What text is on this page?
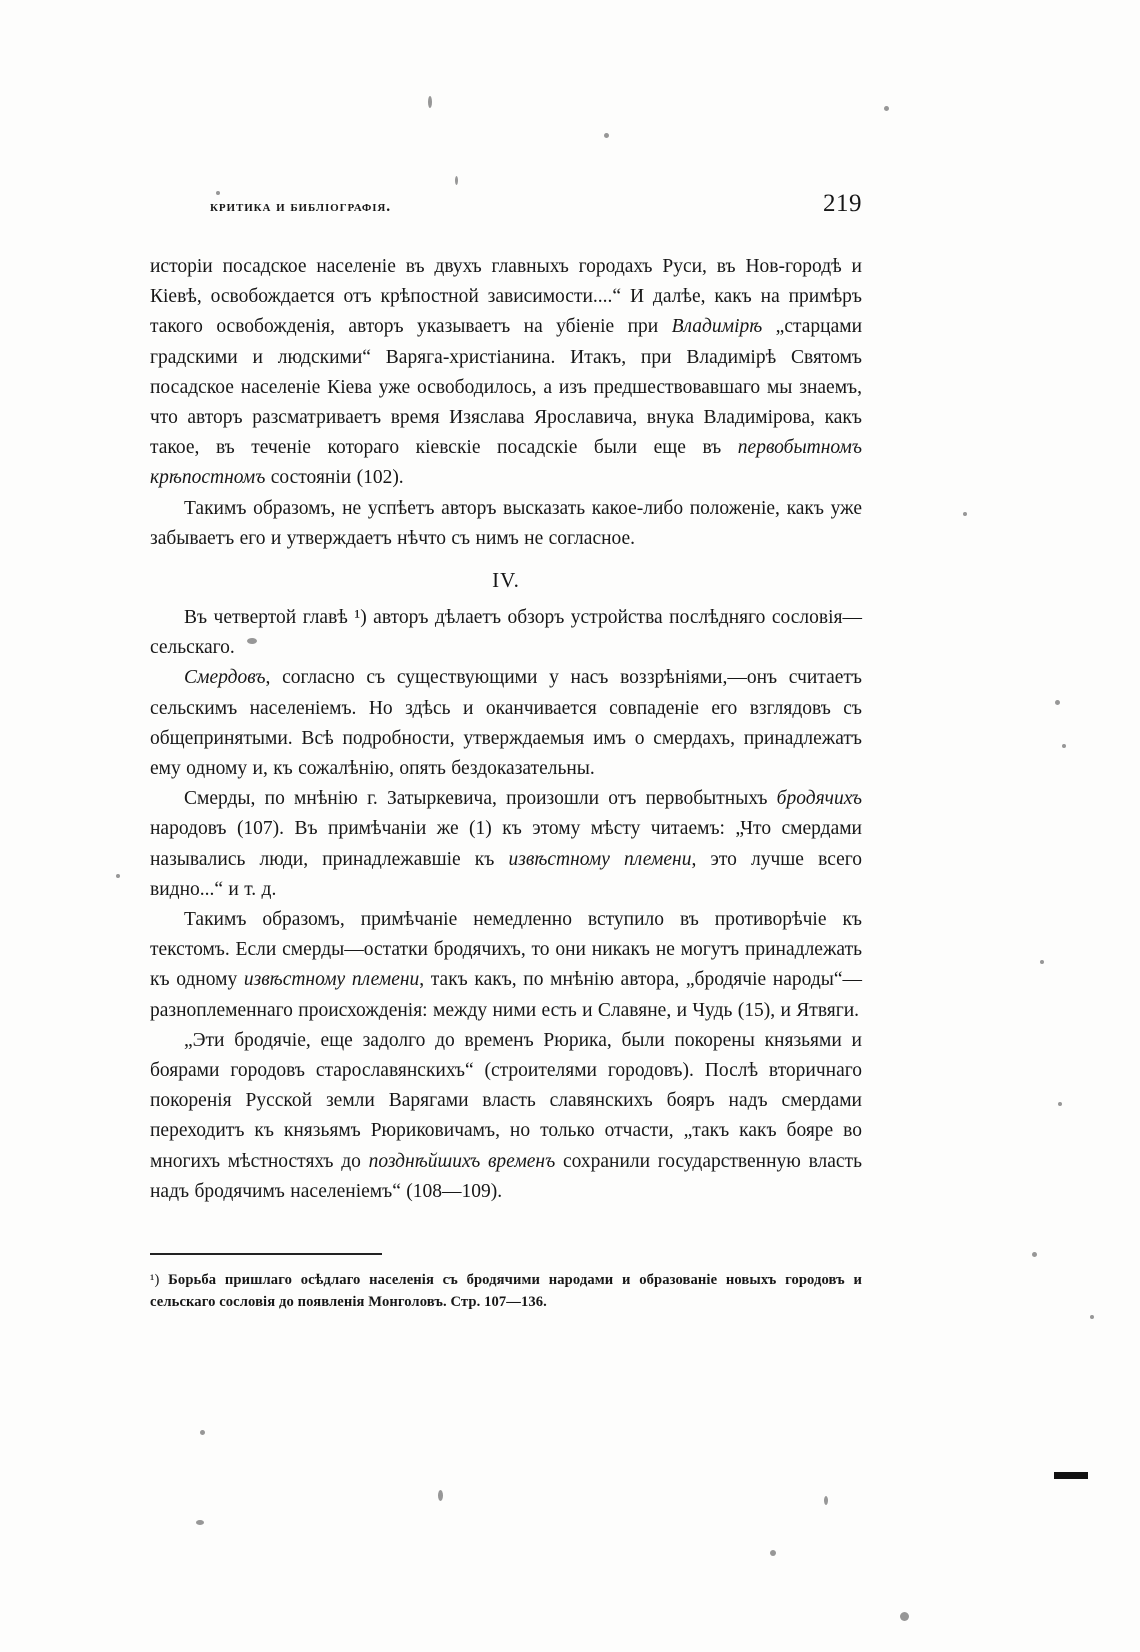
критика и библіографія.	219

исторіи посадское населеніе въ двухъ главныхъ городахъ Руси, въ Нов-городѣ и Кіевѣ, освобождается отъ крѣпостной зависимости....“ И далѣе, какъ на примѣръ такого освобожденія, авторъ указываетъ на убіеніе при Владимірѣ „старцами градскими и людскими“ Варяга-христіанина. Итакъ, при Владимірѣ Святомъ посадское населеніе Кіева уже освободилось, а изъ предшествовавшаго мы знаемъ, что авторъ разсматриваетъ время Изяслава Ярославича, внука Владимірова, какъ такое, въ теченіе котораго кіевскіе посадскіе были еще въ первобытномъ крѣпостномъ состояніи (102).

Такимъ образомъ, не успѣетъ авторъ высказать какое-либо положеніе, какъ уже забываетъ его и утверждаетъ нѣчто съ нимъ не согласное.

IV.

Въ четвертой главѣ ¹) авторъ дѣлаетъ обзоръ устройства послѣдняго сословія—сельскаго.

Смердовъ, согласно съ существующими у насъ воззрѣніями,—онъ считаетъ сельскимъ населеніемъ. Но здѣсь и оканчивается совпаденіе его взглядовъ съ общепринятыми. Всѣ подробности, утверждаемыя имъ о смердахъ, принадлежатъ ему одному и, къ сожалѣнію, опять бездоказательны.

Смерды, по мнѣнію г. Затыркевича, произошли отъ первобытныхъ бродячихъ народовъ (107). Въ примѣчаніи же (1) къ этому мѣсту читаемъ: „Что смердами назывались люди, принадлежавшіе къ извѣстному племени, это лучше всего видно...“ и т. д.

Такимъ образомъ, примѣчаніе немедленно вступило въ противорѣчіе къ текстомъ. Если смерды—остатки бродячихъ, то они никакъ не могутъ принадлежать къ одному извѣстному племени, такъ какъ, по мнѣнію автора, „бродячіе народы“—разноплеменнаго происхожденія: между ними есть и Славяне, и Чудь (15), и Ятвяги.

„Эти бродячіе, еще задолго до временъ Рюрика, были покорены князьями и боярами городовъ старославянскихъ“ (строителями городовъ). Послѣ вторичнаго покоренія Русской земли Варягами власть славянскихъ бояръ надъ смердами переходитъ къ князьямъ Рюриковичамъ, но только отчасти, „такъ какъ бояре во многихъ мѣстностяхъ до позднѣйшихъ временъ сохранили государственную власть надъ бродячимъ населеніемъ“ (108—109).

¹) Борьба пришлаго осѣдлаго населенія съ бродячими народами и образованіе новыхъ городовъ и сельскаго сословія до появленія Монголовъ. Стр. 107—136.
